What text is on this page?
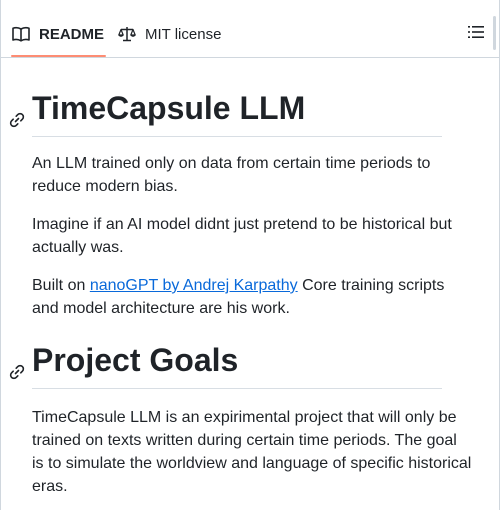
README	MIT license
TimeCapsule LLM

An LLM trained only on data from certain time periods to reduce modern bias.

Imagine if an AI model didnt just pretend to be historical but actually was.

Built on nanoGPT by Andrej Karpathy Core training scripts and model architecture are his work.

Project Goals

TimeCapsule LLM is an expirimental project that will only be trained on texts written during certain time periods. The goal is to simulate the worldview and language of specific historical eras.
